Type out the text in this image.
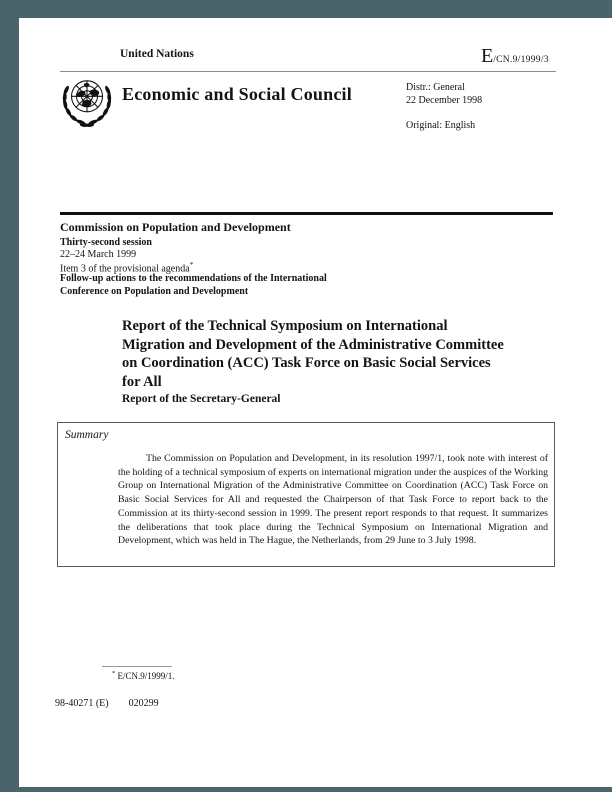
United Nations	E /CN.9/1999/3
Economic and Social Council	Distr.: General
22 December 1998
Original: English
Commission on Population and Development
Thirty-second session
22–24 March 1999
Item 3 of the provisional agenda*
Follow-up actions to the recommendations of the International
Conference on Population and Development
Report of the Technical Symposium on International
Migration and Development of the Administrative Committee
on Coordination (ACC) Task Force on Basic Social Services
for All
Report of the Secretary-General
Summary
The Commission on Population and Development, in its resolution 1997/1, took note with interest of the holding of a technical symposium of experts on international migration under the auspices of the Working Group on International Migration of the Administrative Committee on Coordination (ACC) Task Force on Basic Social Services for All and requested the Chairperson of that Task Force to report back to the Commission at its thirty-second session in 1999. The present report responds to that request. It summarizes the deliberations that took place during the Technical Symposium on International Migration and Development, which was held in The Hague, the Netherlands, from 29 June to 3 July 1998.
* E/CN.9/1999/1.
98-40271 (E) 020299
